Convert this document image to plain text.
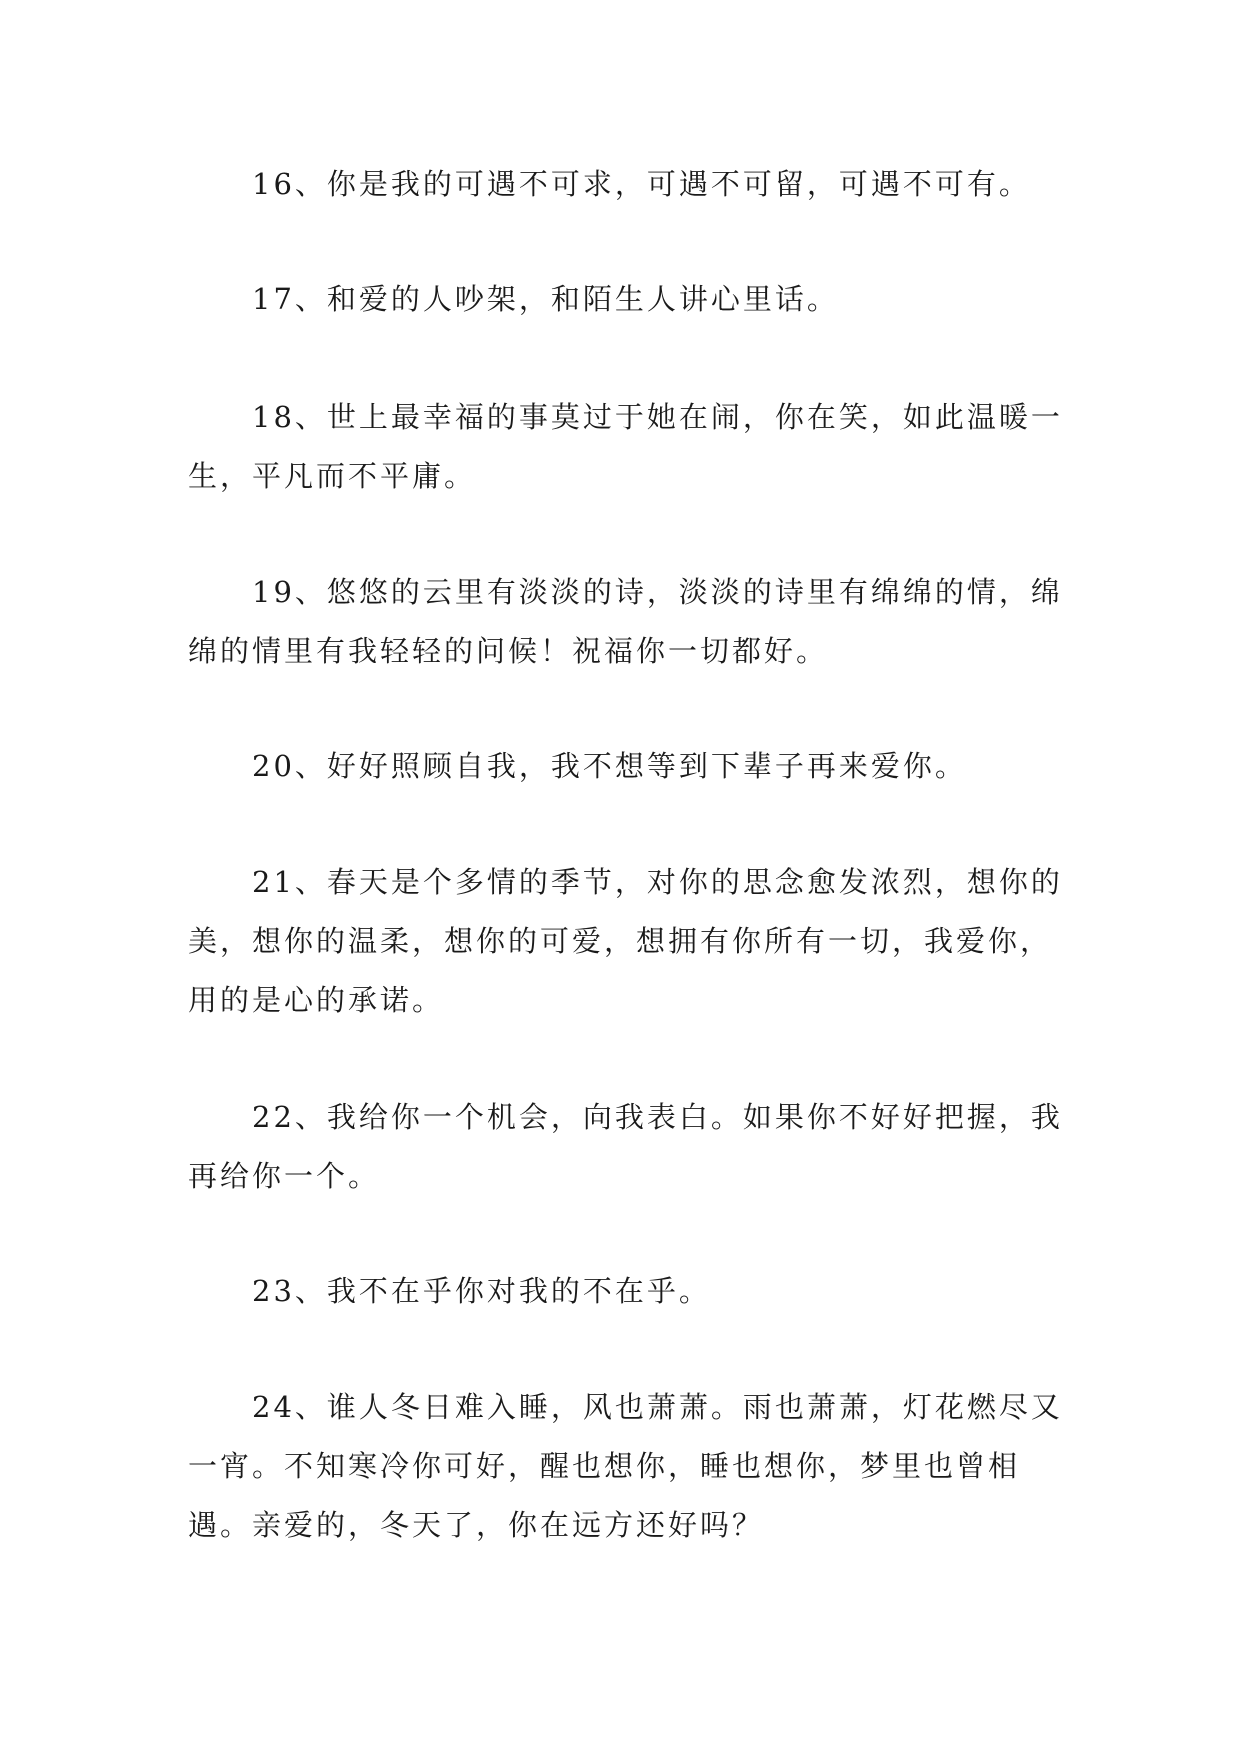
16、你是我的可遇不可求，可遇不可留，可遇不可有。

17、和爱的人吵架，和陌生人讲心里话。

18、世上最幸福的事莫过于她在闹，你在笑，如此温暖一生，平凡而不平庸。

19、悠悠的云里有淡淡的诗，淡淡的诗里有绵绵的情，绵绵的情里有我轻轻的问候！祝福你一切都好。

20、好好照顾自我，我不想等到下辈子再来爱你。

21、春天是个多情的季节，对你的思念愈发浓烈，想你的美，想你的温柔，想你的可爱，想拥有你所有一切，我爱你，用的是心的承诺。

22、我给你一个机会，向我表白。如果你不好好把握，我再给你一个。

23、我不在乎你对我的不在乎。

24、谁人冬日难入睡，风也萧萧。雨也萧萧，灯花燃尽又一宵。不知寒冷你可好，醒也想你，睡也想你，梦里也曾相遇。亲爱的，冬天了，你在远方还好吗？
